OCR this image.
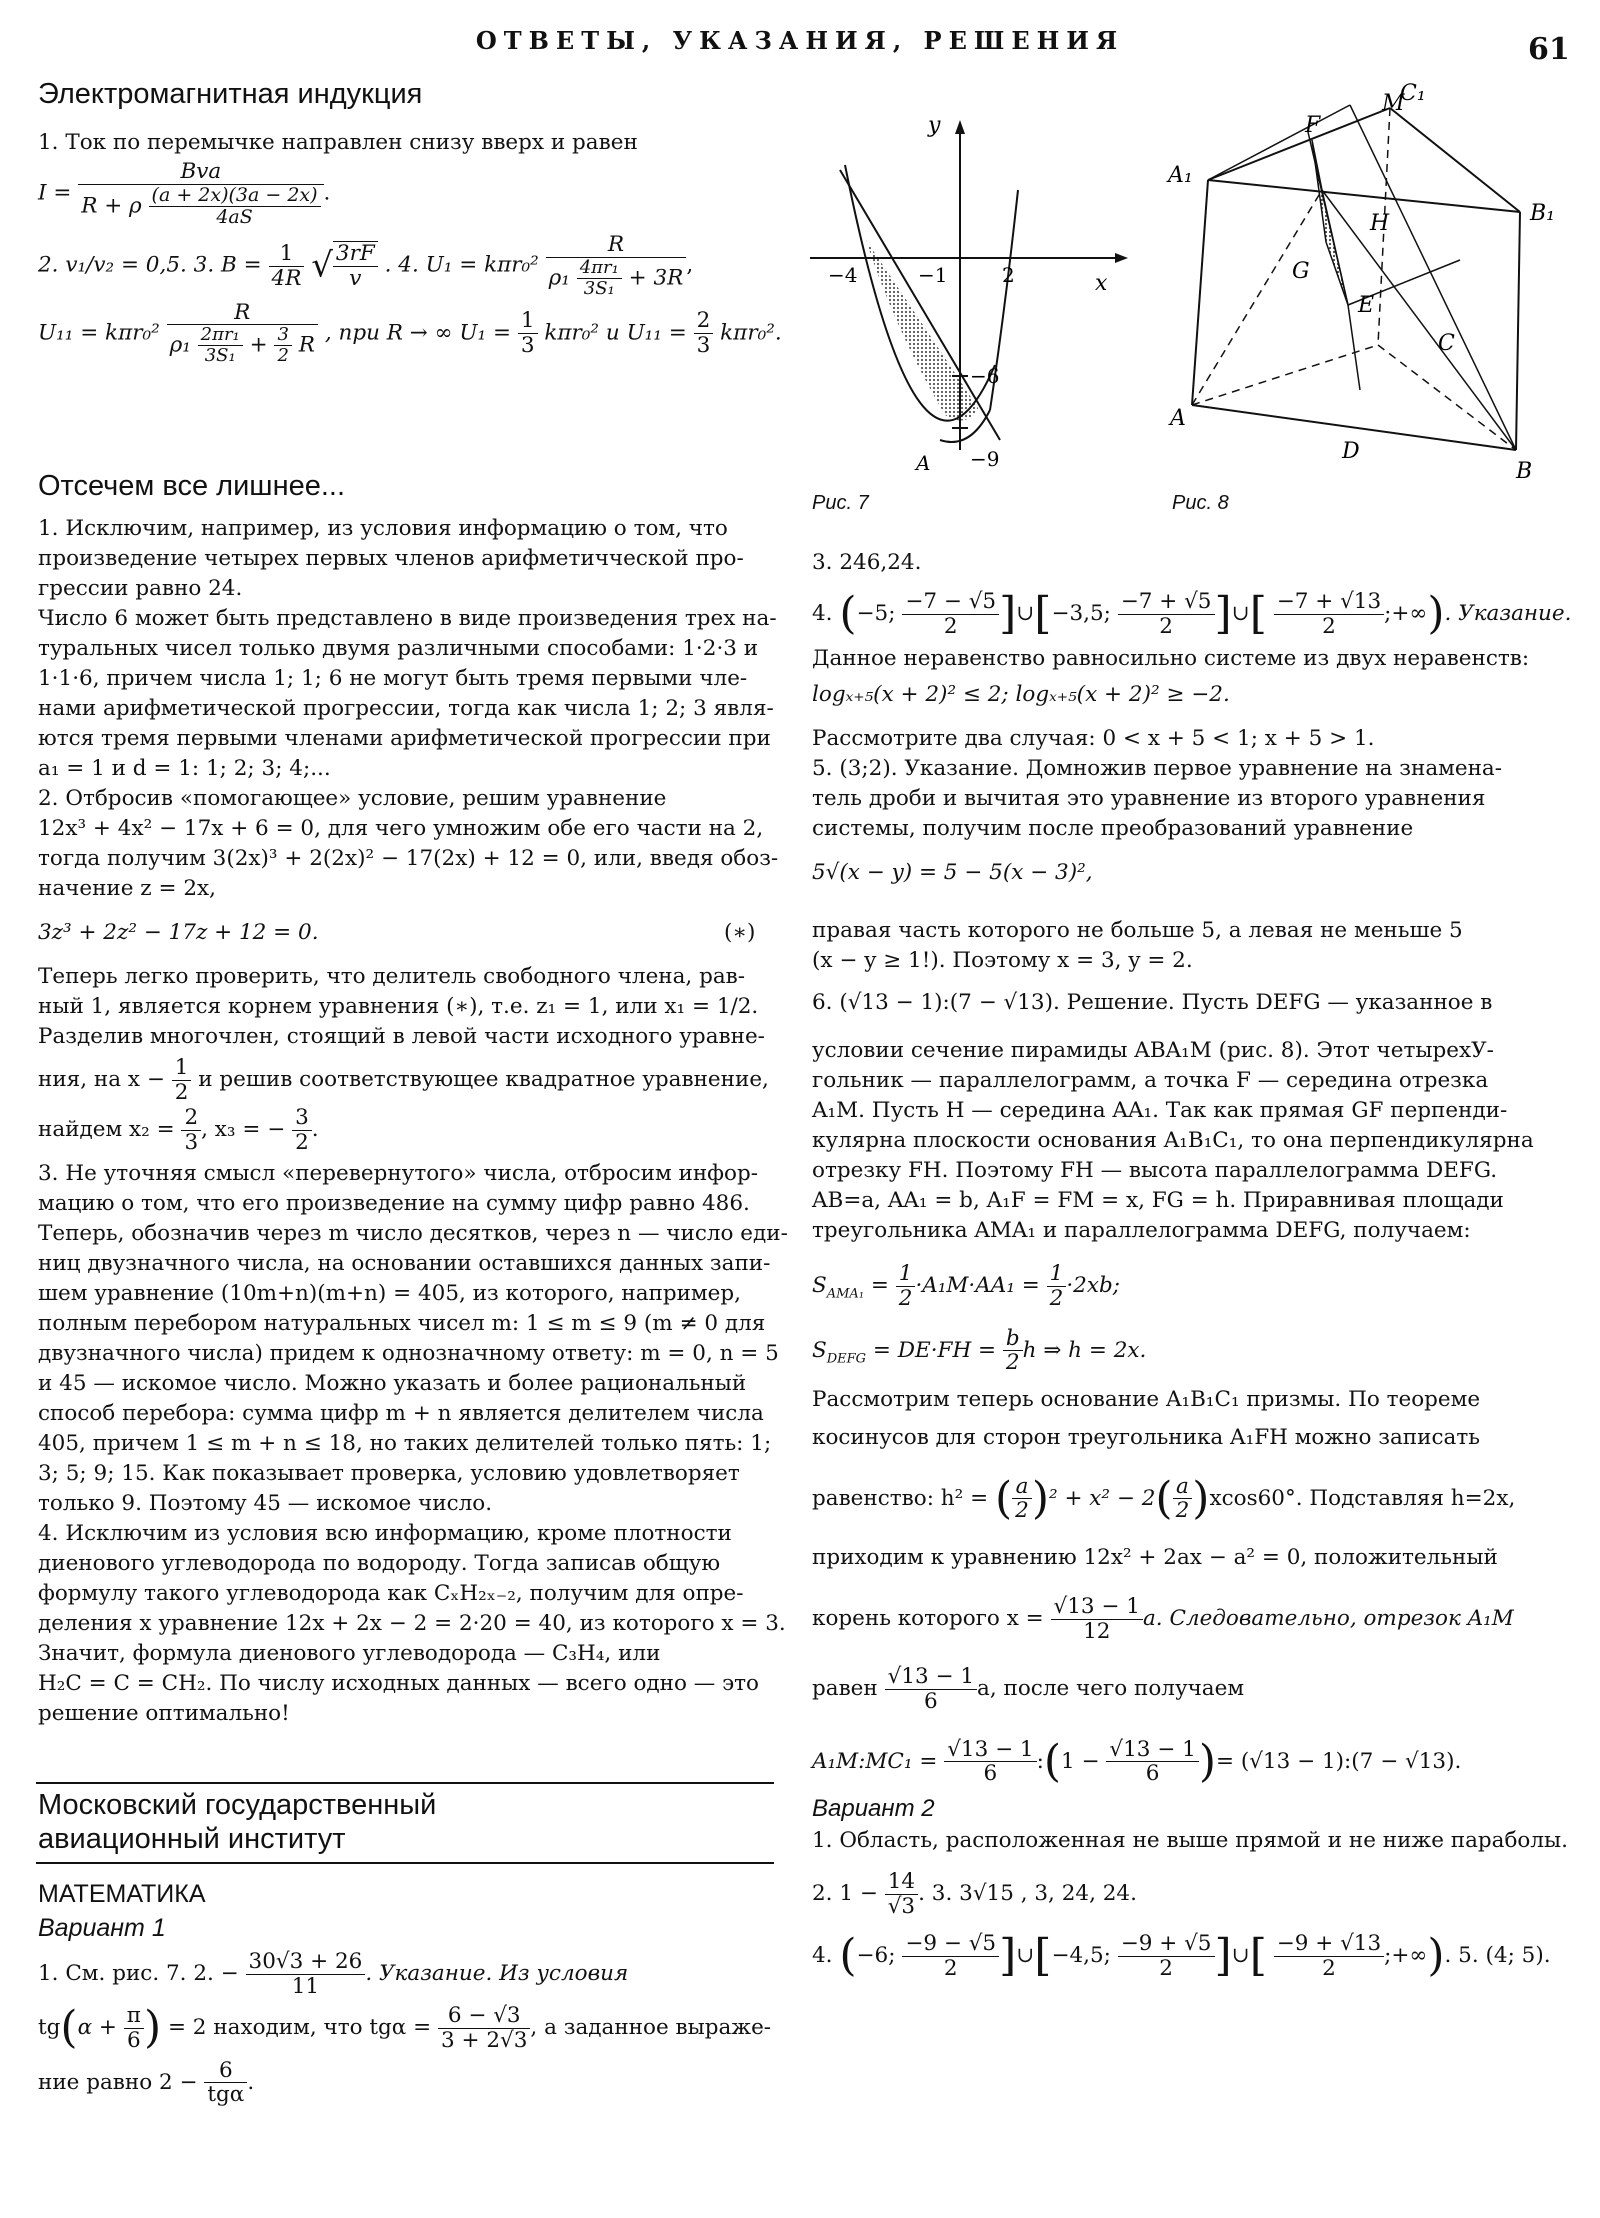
ОТВЕТЫ, УКАЗАНИЯ, РЕШЕНИЯ	61
Электромагнитная индукция

1. Ток по перемычке направлен снизу вверх и равен

$I = \frac{\text{Bva}}{R + \rho \frac{(a + 2x)(3a - 2x)}{4aS}}$ .

2. v₁/v₂ = 0,5. 3. $B = \frac{1}{4R}$ √ $\frac{3rF}{v}$ . 4. $U_1 = k\pi r_0^2 \frac{R}{\rho_1 \frac{\text{4πr₁}}{\text{3S₁}} + 3R}$ ,

$U_{11} = k\pi r_0^2 \frac{R}{\rho_1 \frac{\text{2πr₁}}{\text{3S₁}} + \frac{3}{2} R}$ , при R → ∞ $U_1 = \frac{1}{3} k\pi r_0^2$ и $U_{11} = \frac{2}{3} k\pi r_0^2$.

Отсечем все лишнее...

1. Исключим, например, из условия информацию о том, что

произведение четырех первых членов арифметичческой про-

грессии равно 24.

Число 6 может быть представлено в виде произведения трех на-

туральных чисел только двумя различными способами: 1·2·3 и

1·1·6, причем числа 1; 1; 6 не могут быть тремя первыми чле-

нами арифметической прогрессии, тогда как числа 1; 2; 3 явля-

ются тремя первыми членами арифметической прогрессии при

a₁ = 1 и d = 1: 1; 2; 3; 4;...

2. Отбросив «помогающее» условие, решим уравнение

12x³ + 4x² − 17x + 6 = 0, для чего умножим обе его части на 2,

тогда получим 3(2x)³ + 2(2x)² − 17(2x) + 12 = 0, или, введя обоз-

начение z = 2x,

3z³ + 2z² − 17z + 12 = 0.	(∗)

Теперь легко проверить, что делитель свободного члена, рав-

ный 1, является корнем уравнения (∗), т.е. z₁ = 1, или x₁ = 1/2.

Разделив многочлен, стоящий в левой части исходного уравне-

ния, на $x - \frac{1}{2}$ и решив соответствующее квадратное уравнение,

найдем $x_2 = \frac{2}{3}$ , x₃ = − $\frac{3}{2}$ .

3. Не уточняя смысл «перевернутого» числа, отбросим инфор-

мацию о том, что его произведение на сумму цифр равно 486.

Теперь, обозначив через m число десятков, через n — число еди-

ниц двузначного числа, на основании оставшихся данных запи-

шем уравнение (10m+n)(m+n) = 405, из которого, например,

полным перебором натуральных чисел m: 1 ≤ m ≤ 9 (m ≠ 0 для

двузначного числа) придем к однозначному ответу: m = 0, n = 5

и 45 — искомое число. Можно указать и более рациональный

способ перебора: сумма цифр m + n является делителем числа

405, причем 1 ≤ m + n ≤ 18, но таких делителей только пять: 1;

3; 5; 9; 15. Как показывает проверка, условию удовлетворяет

только 9. Поэтому 45 — искомое число.

4. Исключим из условия всю информацию, кроме плотности

диенового углеводорода по водороду. Тогда записав общую

формулу такого углеводорода как CₓH₂ₓ₋₂, получим для опре-

деления x уравнение 12x + 2x − 2 = 2·20 = 40, из которого x = 3.

Значит, формула диенового углеводорода — C₃H₄, или

H₂C = C = CH₂. По числу исходных данных — всего одно — это

решение оптимально!

Московский государственный
авиационный институт
МАТЕМАТИКА
Вариант 1

1. См. рис. 7. 2. − $\frac{30√3 + 26}{11}$ . Указание. Из условия

$tg(\alpha + \frac{\pi}{6}$ ) = 2 находим, что $tg\alpha = \frac{6 - √3}{3 + 2√3}$ , а заданное выраже-

ние равно $2 - \frac{6}{\text{tgα}}$ .

y
x
−4	−1	2
−6
−9
A
Рис. 7
A₁
B₁
C₁
M
F
H
G
E
C
A
D
B
Рис. 8

3. 246,24.

4. (−5; $\frac{-7 - √5}{2}$ ]∪[−3,5; $\frac{-7 + √5}{2}$ ]∪[ $\frac{-7 + √13}{2}$ ;+∞). Указание.

Данное неравенство равносильно системе из двух неравенств:

logₓ₊₅(x + 2)² ≤ 2; logₓ₊₅(x + 2)² ≥ −2.

Рассмотрите два случая: 0 < x + 5 < 1; x + 5 > 1.

5. (3;2). Указание. Домножив первое уравнение на знамена-

тель дроби и вычитая это уравнение из второго уравнения

системы, получим после преобразований уравнение

5√(x − y) = 5 − 5(x − 3)²,

правая часть которого не больше 5, а левая не меньше 5

(x − y ≥ 1!). Поэтому x = 3, y = 2.

6. (√13 − 1):(7 − √13). Решение. Пусть DEFG — указанное в

условии сечение пирамиды ABA₁M (рис. 8). Этот четырехУ-

гольник — параллелограмм, а точка F — середина отрезка

A₁M. Пусть H — середина AA₁. Так как прямая GF перпенди-

кулярна плоскости основания A₁B₁C₁, то она перпендикулярна

отрезку FH. Поэтому FH — высота параллелограмма DEFG.

AB=a, AA₁ = b, A₁F = FM = x, FG = h. Приравнивая площади

треугольника AMA₁ и параллелограмма DEFG, получаем:

$S_{AMA_1} = \frac{1}{2} \cdot A_1M\cdot AA_1 = \frac{1}{2} \cdot 2xb$;

$S_{DEFG} = DE\cdot FH = \frac{b}{2}$ h ⇒ h = 2x.

Рассмотрим теперь основание A₁B₁C₁ призмы. По теореме

косинусов для сторон треугольника A₁FH можно записать

равенство: h² = ( $\frac{a}{2} )^2 + x^2 - 2( \frac{a}{2} )xcos60^\circ$. Подставляя h=2x,

приходим к уравнению 12x² + 2ax − a² = 0, положительный

корень которого $x = \frac{√13 - 1}{12} a$. Следовательно, отрезок A₁M

равен $\frac{√13 - 1}{6} a$, после чего получаем

A₁M:MC₁ = $\frac{√13 - 1}{6}$ :(1 − $\frac{√13 - 1}{6}$ )= (√13 − 1):(7 − √13).

Вариант 2

1. Область, расположенная не выше прямой и не ниже параболы.

2. $1 - \frac{14}{√3}$ . 3. 3√15 , 3, 24, 24.

4. (−6; $\frac{-9 - √5}{2}$ ]∪[−4,5; $\frac{-9 + √5}{2}$ ]∪[ $\frac{-9 + √13}{2}$ ;+∞). 5. (4; 5).
